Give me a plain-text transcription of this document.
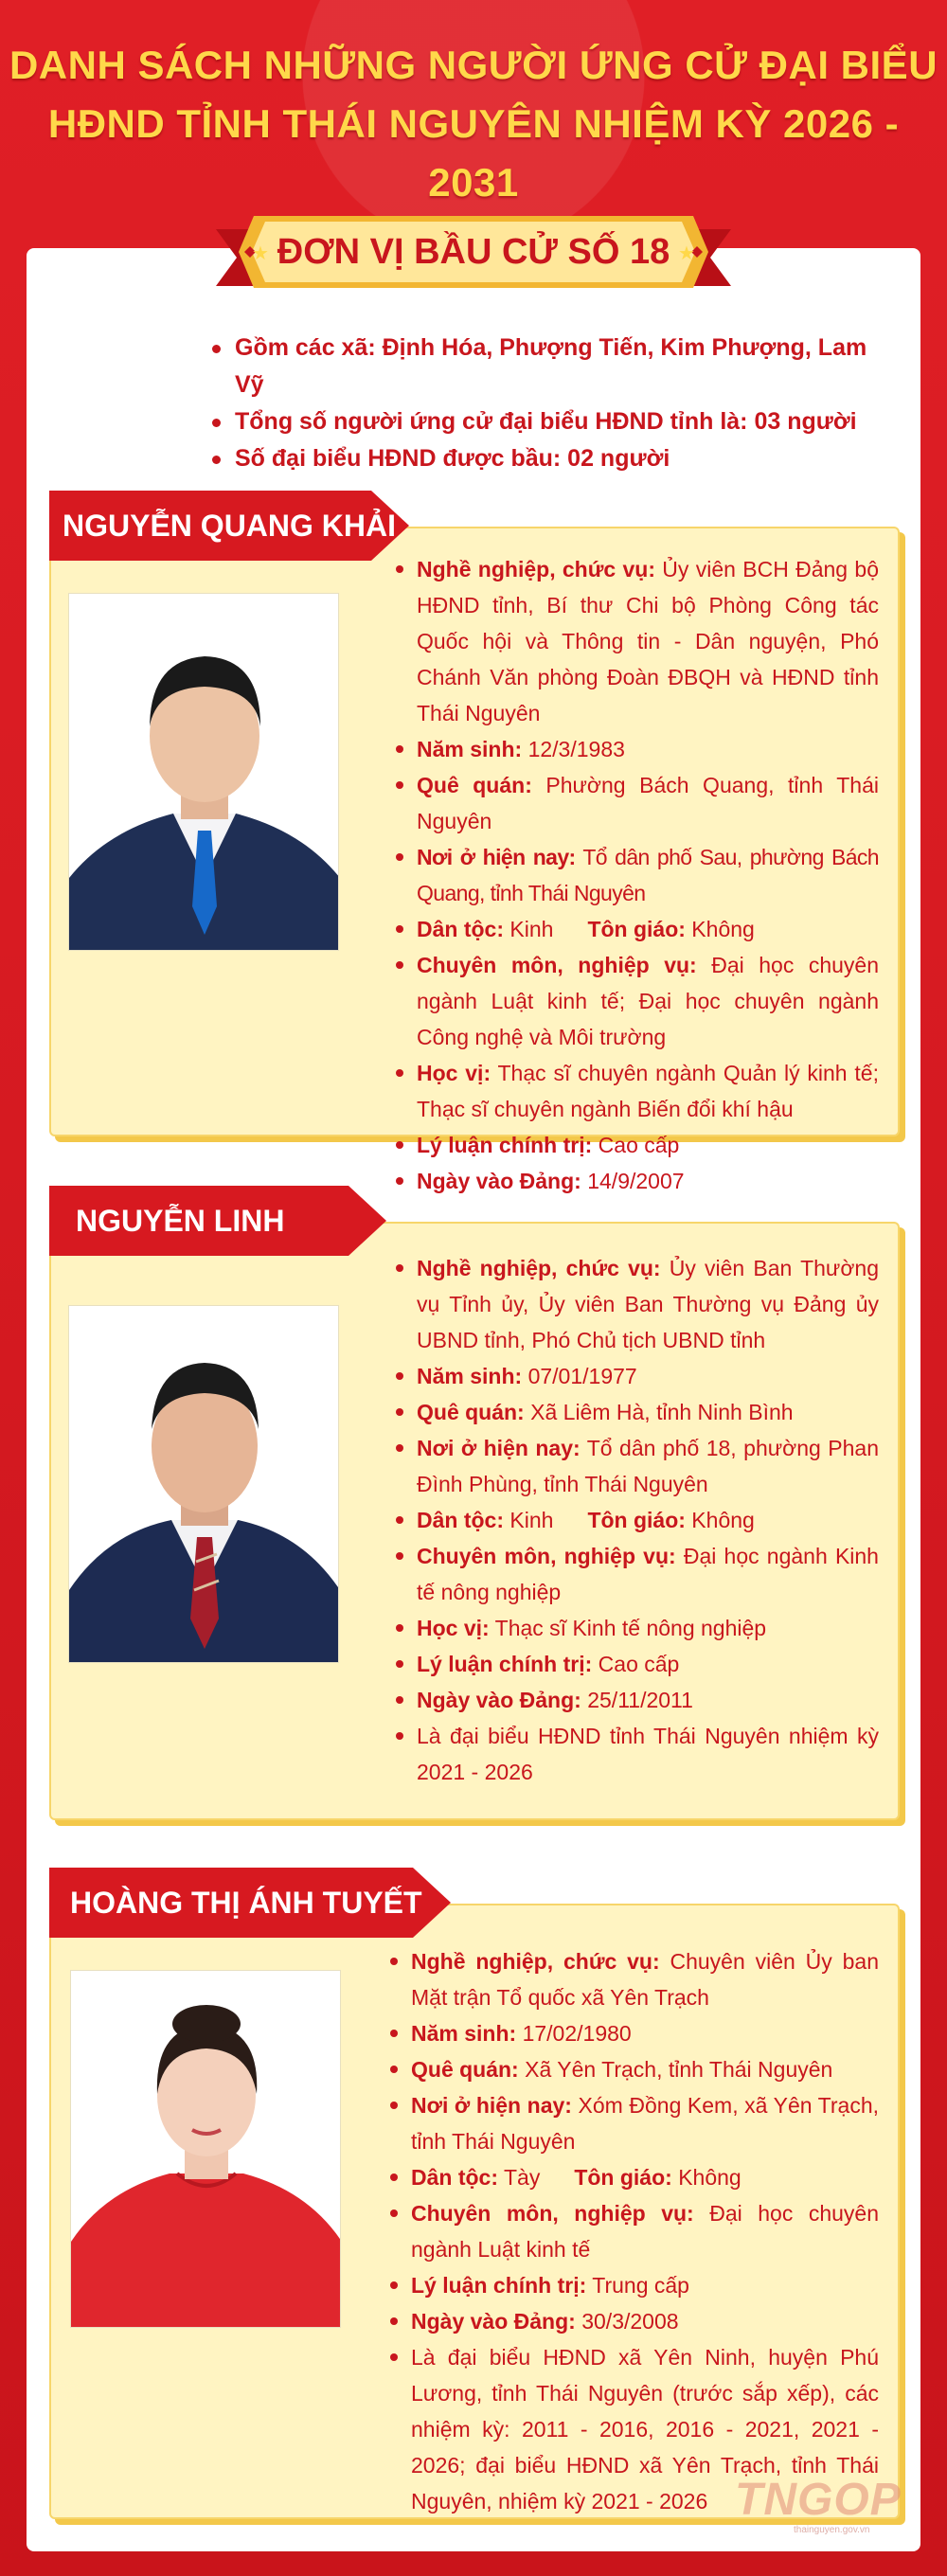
DANH SÁCH NHỮNG NGƯỜI ỨNG CỬ ĐẠI BIỂU
HĐND TỈNH THÁI NGUYÊN NHIỆM KỲ 2026 - 2031
★	★
ĐƠN VỊ BẦU CỬ SỐ 18
Gồm các xã: Định Hóa, Phượng Tiến, Kim Phượng, Lam Vỹ
Tổng số người ứng cử đại biểu HĐND tỉnh là: 03 người
Số đại biểu HĐND được bầu: 02 người
NGUYỄN QUANG KHẢI
Nghề nghiệp, chức vụ: Ủy viên BCH Đảng bộ HĐND tỉnh, Bí thư Chi bộ Phòng Công tác Quốc hội và Thông tin - Dân nguyện, Phó Chánh Văn phòng Đoàn ĐBQH và HĐND tỉnh Thái Nguyên
Năm sinh: 12/3/1983
Quê quán: Phường Bách Quang, tỉnh Thái Nguyên
Nơi ở hiện nay: Tổ dân phố Sau, phường Bách Quang, tỉnh Thái Nguyên
Dân tộc: Kinh Tôn giáo: Không
Chuyên môn, nghiệp vụ: Đại học chuyên ngành Luật kinh tế; Đại học chuyên ngành Công nghệ và Môi trường
Học vị: Thạc sĩ chuyên ngành Quản lý kinh tế; Thạc sĩ chuyên ngành Biến đổi khí hậu
Lý luận chính trị: Cao cấp
Ngày vào Đảng: 14/9/2007
NGUYỄN LINH
Nghề nghiệp, chức vụ: Ủy viên Ban Thường vụ Tỉnh ủy, Ủy viên Ban Thường vụ Đảng ủy UBND tỉnh, Phó Chủ tịch UBND tỉnh
Năm sinh: 07/01/1977
Quê quán: Xã Liêm Hà, tỉnh Ninh Bình
Nơi ở hiện nay: Tổ dân phố 18, phường Phan Đình Phùng, tỉnh Thái Nguyên
Dân tộc: Kinh Tôn giáo: Không
Chuyên môn, nghiệp vụ: Đại học ngành Kinh tế nông nghiệp
Học vị: Thạc sĩ Kinh tế nông nghiệp
Lý luận chính trị: Cao cấp
Ngày vào Đảng: 25/11/2011
Là đại biểu HĐND tỉnh Thái Nguyên nhiệm kỳ 2021 - 2026
HOÀNG THỊ ÁNH TUYẾT
Nghề nghiệp, chức vụ: Chuyên viên Ủy ban Mặt trận Tổ quốc xã Yên Trạch
Năm sinh: 17/02/1980
Quê quán: Xã Yên Trạch, tỉnh Thái Nguyên
Nơi ở hiện nay: Xóm Đồng Kem, xã Yên Trạch, tỉnh Thái Nguyên
Dân tộc: Tày Tôn giáo: Không
Chuyên môn, nghiệp vụ: Đại học chuyên ngành Luật kinh tế
Lý luận chính trị: Trung cấp
Ngày vào Đảng: 30/3/2008
Là đại biểu HĐND xã Yên Ninh, huyện Phú Lương, tỉnh Thái Nguyên (trước sắp xếp), các nhiệm kỳ: 2011 - 2016, 2016 - 2021, 2021 - 2026; đại biểu HĐND xã Yên Trạch, tỉnh Thái Nguyên, nhiệm kỳ 2021 - 2026 TNGOP
thainguyen.gov.vn
